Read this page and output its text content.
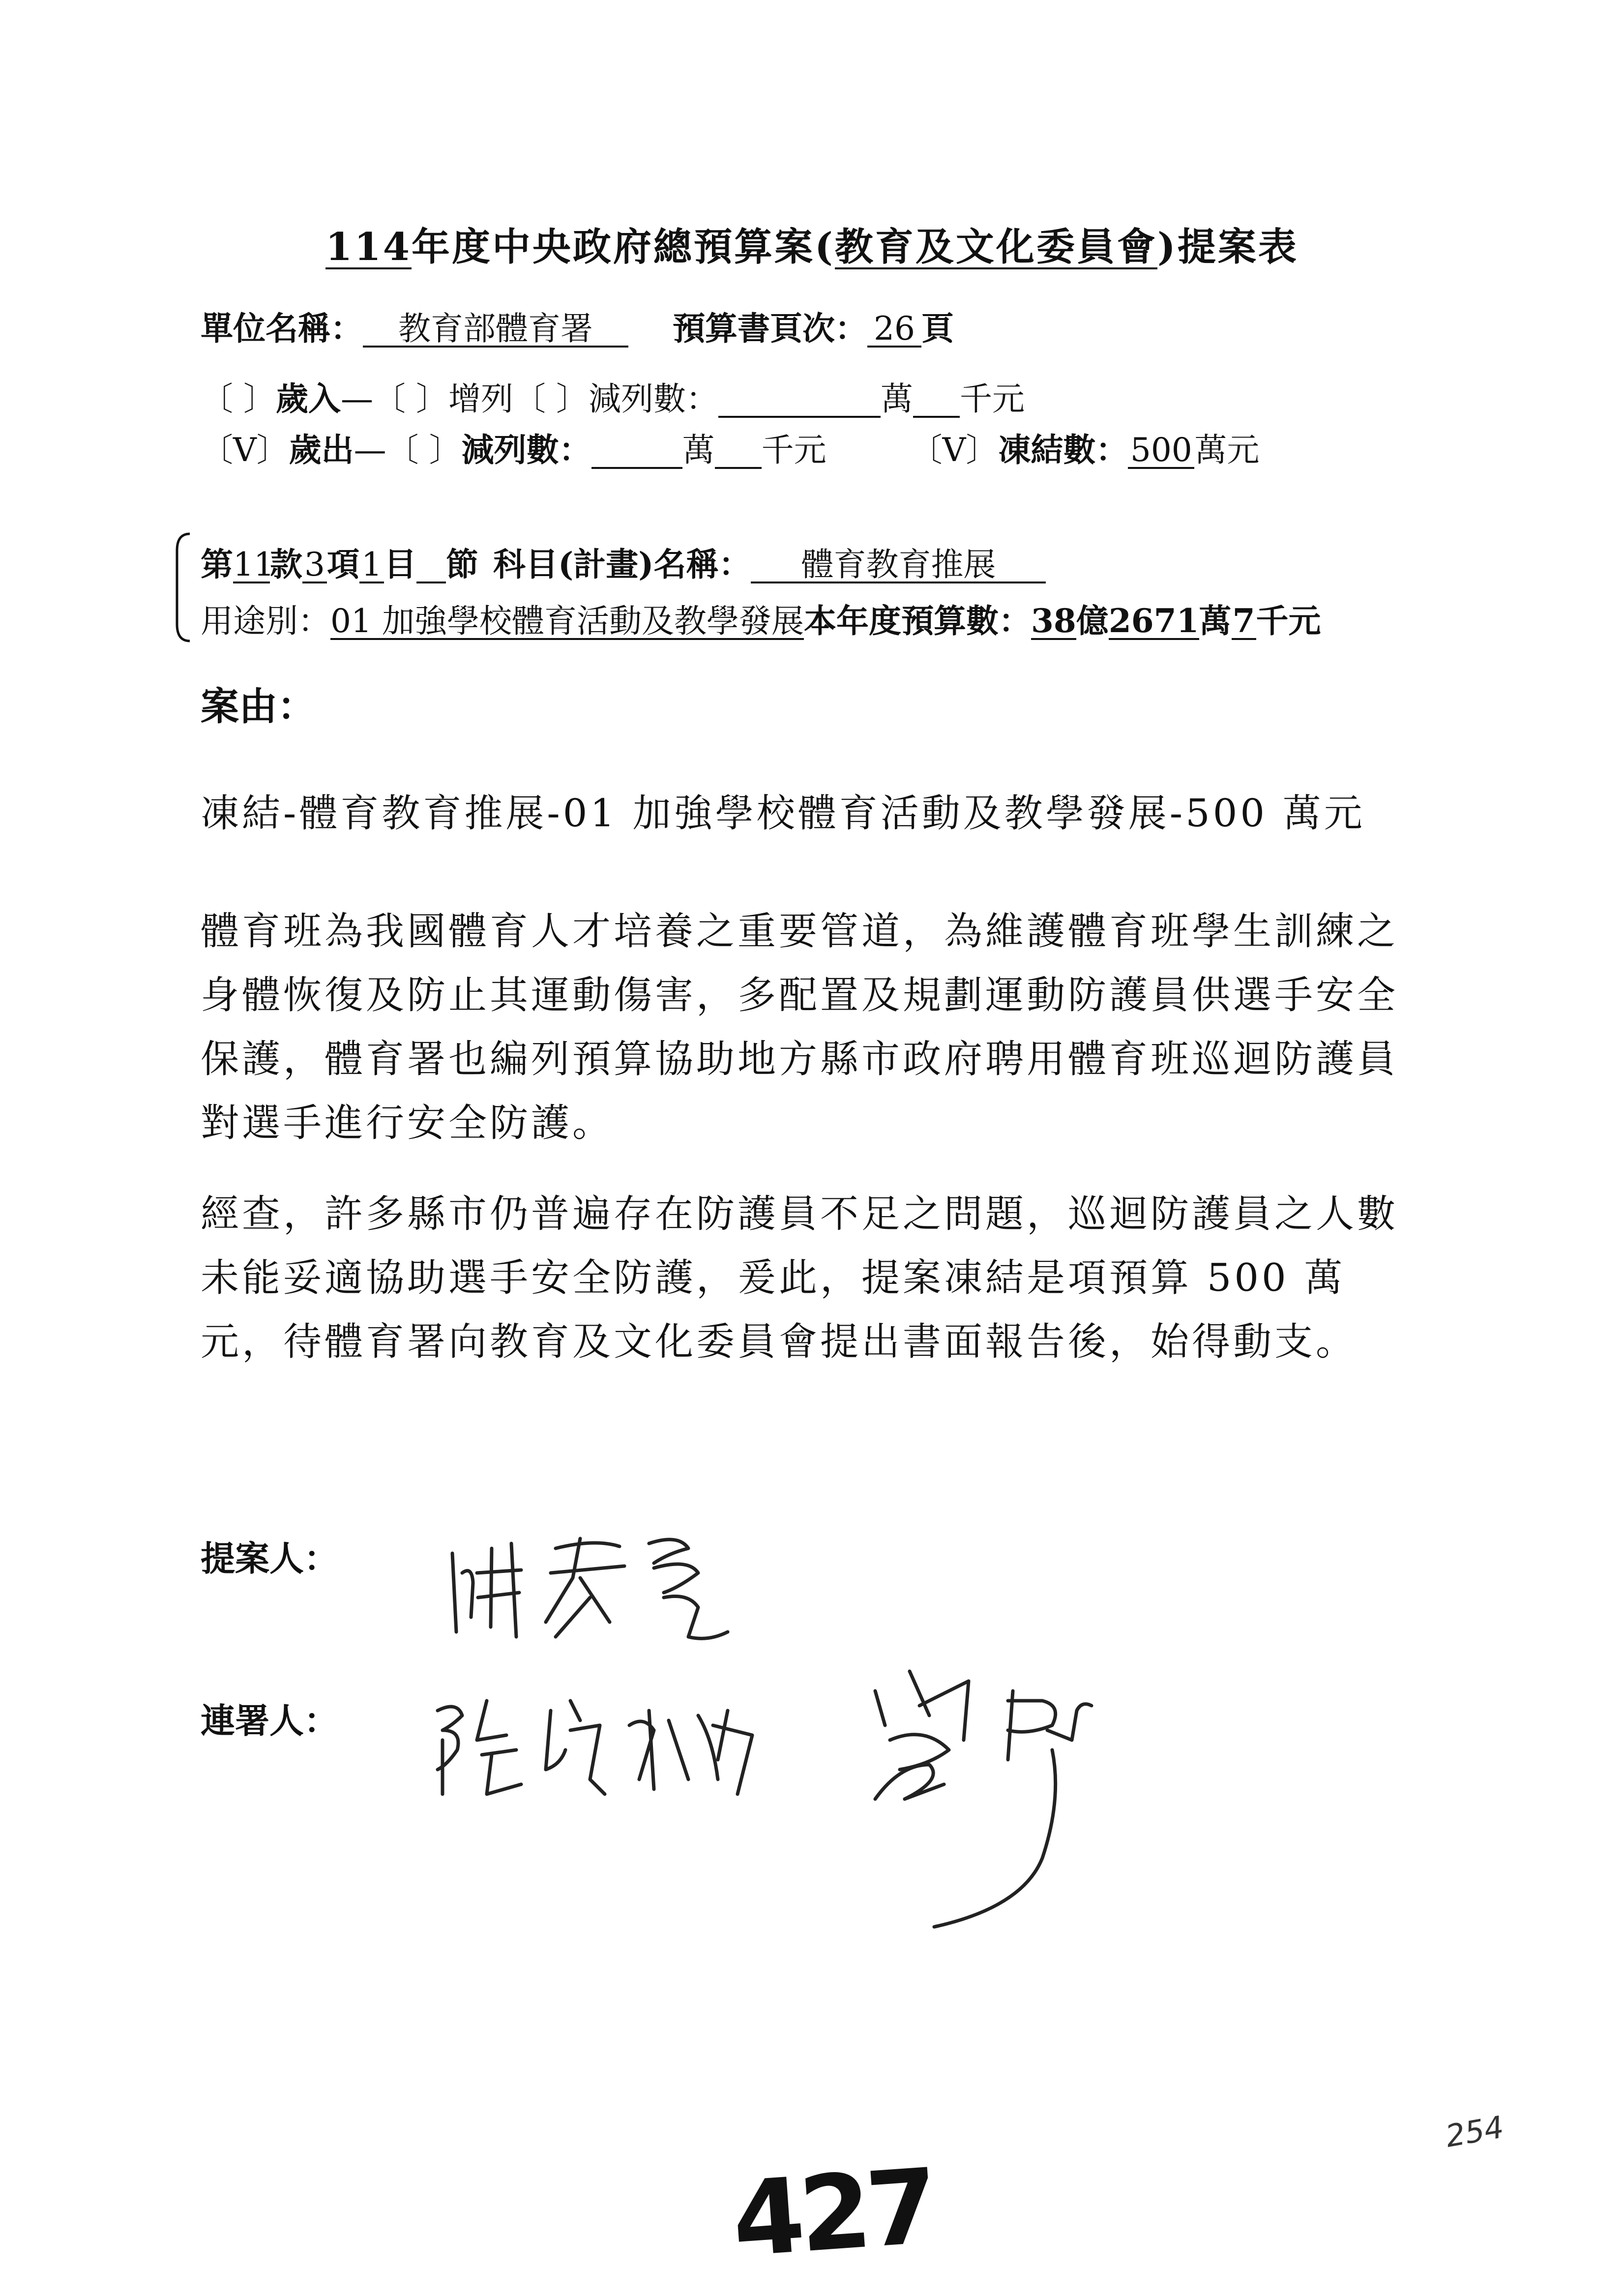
114年度中央政府總預算案(教育及文化委員會)提案表
單位名稱： 教育部體育署 預算書頁次： 26 頁
〔 〕歲入—〔 〕增列〔 〕減列數：	萬 千元
〔V〕歲出—〔 〕減列數：	萬 千元	〔V〕凍結數：500萬元
第11款3項1目 節 科目(計畫)名稱： 體育教育推展
用途別：01 加強學校體育活動及教學發展本年度預算數：38億2671萬7千元
案由：
凍結-體育教育推展-01 加強學校體育活動及教學發展-500 萬元
體育班為我國體育人才培養之重要管道，為維護體育班學生訓練之身體恢復及防止其運動傷害，多配置及規劃運動防護員供選手安全保護，體育署也編列預算協助地方縣市政府聘用體育班巡迴防護員對選手進行安全防護。
經查，許多縣市仍普遍存在防護員不足之問題，巡迴防護員之人數未能妥適協助選手安全防護，爰此，提案凍結是項預算 500 萬元，待體育署向教育及文化委員會提出書面報告後，始得動支。
提案人：
連署人：
427
254
